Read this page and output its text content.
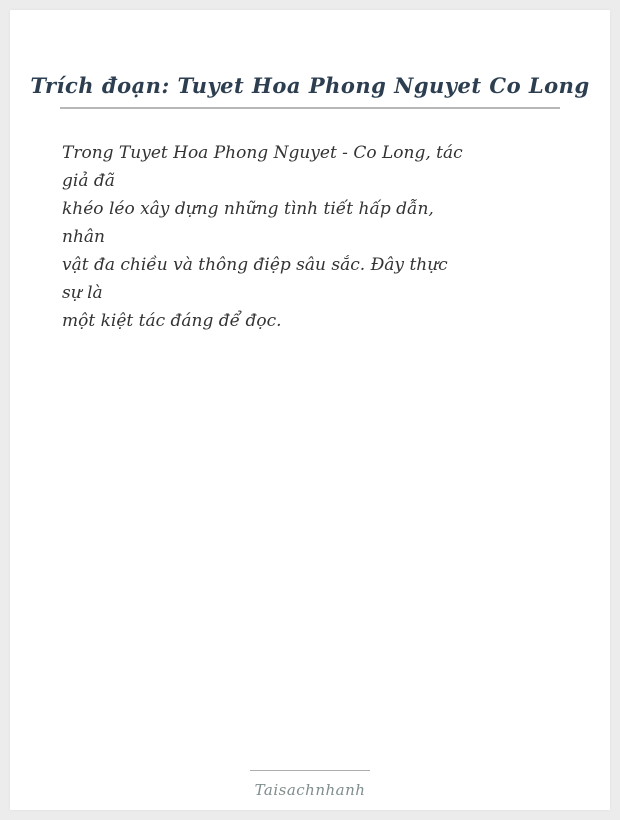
Trích đoạn: Tuyet Hoa Phong Nguyet Co Long
Trong Tuyet Hoa Phong Nguyet - Co Long, tác
giả đã
khéo léo xây dựng những tình tiết hấp dẫn,
nhân
vật đa chiều và thông điệp sâu sắc. Đây thực
sự là
một kiệt tác đáng để đọc.
Taisachnhanh
